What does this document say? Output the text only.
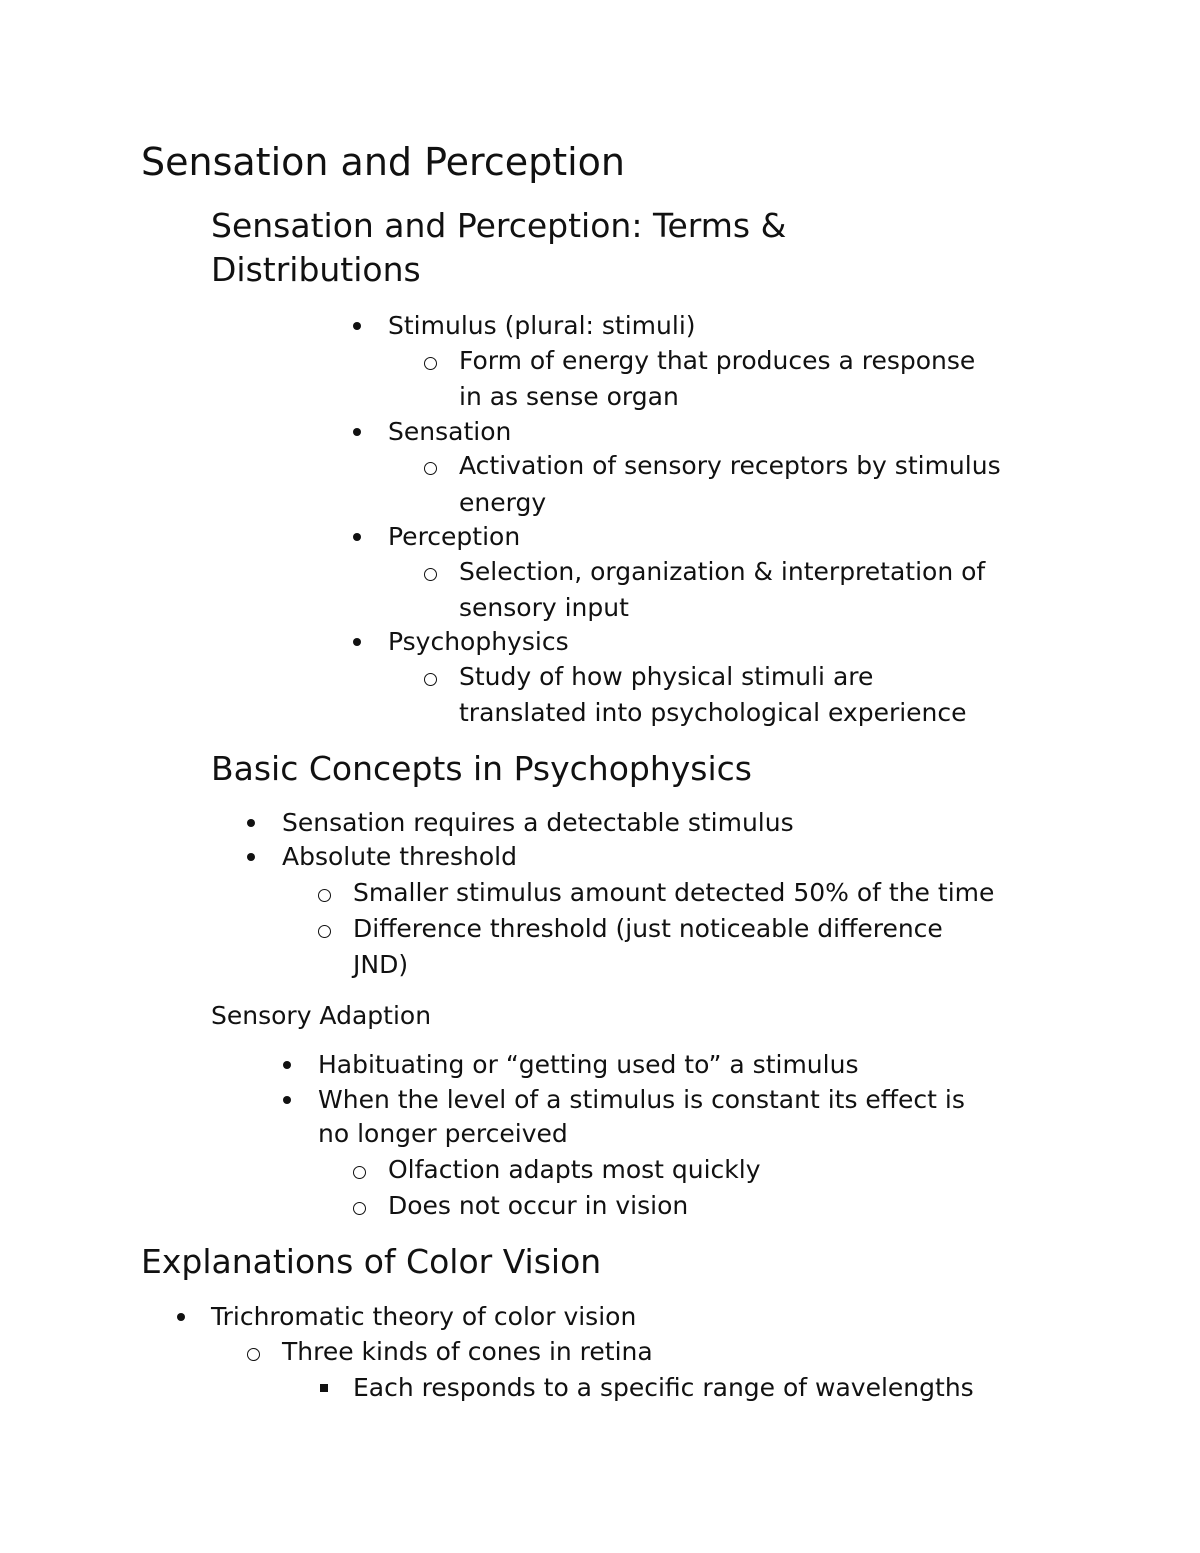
Sensation and Perception
Sensation and Perception: Terms &
Distributions
Stimulus (plural: stimuli)
Form of energy that produces a response
in as sense organ
Sensation
Activation of sensory receptors by stimulus
energy
Perception
Selection, organization & interpretation of
sensory input
Psychophysics
Study of how physical stimuli are
translated into psychological experience
Basic Concepts in Psychophysics
Sensation requires a detectable stimulus
Absolute threshold
Smaller stimulus amount detected 50% of the time
Difference threshold (just noticeable difference
JND)
Sensory Adaption
Habituating or “getting used to” a stimulus
When the level of a stimulus is constant its effect is
no longer perceived
Olfaction adapts most quickly
Does not occur in vision
Explanations of Color Vision
Trichromatic theory of color vision
Three kinds of cones in retina
Each responds to a specific range of wavelengths
